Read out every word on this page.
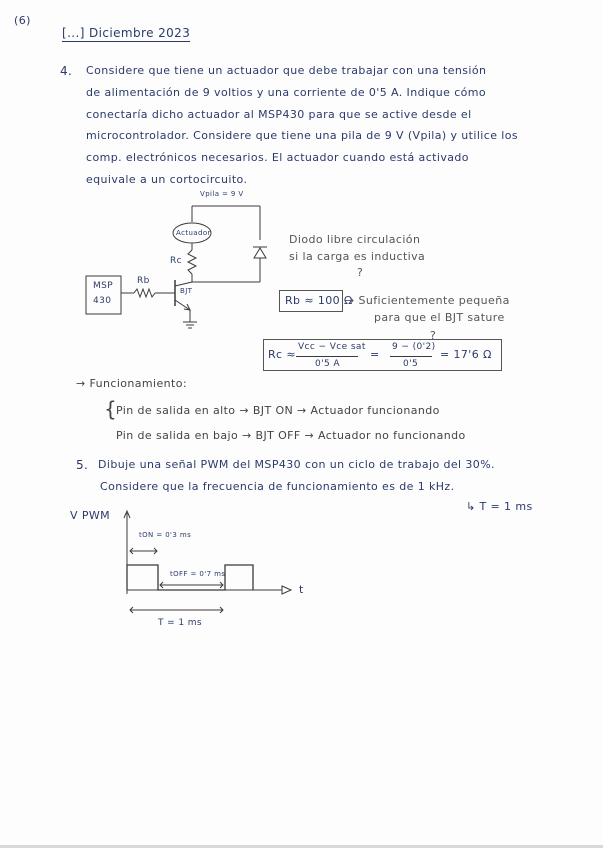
(6)
[...] Diciembre 2023
4. Considere que tiene un actuador que debe trabajar con una tensión
de alimentación de 9 voltios y una corriente de 0'5 A. Indique cómo
conectaría dicho actuador al MSP430 para que se active desde el
microcontrolador. Considere que tiene una pila de 9 V (Vpila) y utilice los
comp. electrónicos necesarios. El actuador cuando está activado
equivale a un cortocircuito.
Vpila = 9 V
Actuador
Rc
Rb
BJT
MSP
430
Diodo libre circulación
si la carga es inductiva
?
Rb ≈ 100 Ω
→ Suficientemente pequeña
para que el BJT sature
?
Rc ≈
Vcc − Vce sat
0'5 A
=
9 − (0'2)
0'5
= 17'6 Ω
→ Funcionamiento:
{
Pin de salida en alto → BJT ON → Actuador funcionando
Pin de salida en bajo → BJT OFF → Actuador no funcionando
5. Dibuje una señal PWM del MSP430 con un ciclo de trabajo del 30%.
Considere que la frecuencia de funcionamiento es de 1 kHz.
↳ T = 1 ms
V PWM
tON = 0'3 ms
tOFF = 0'7 ms
t
T = 1 ms
